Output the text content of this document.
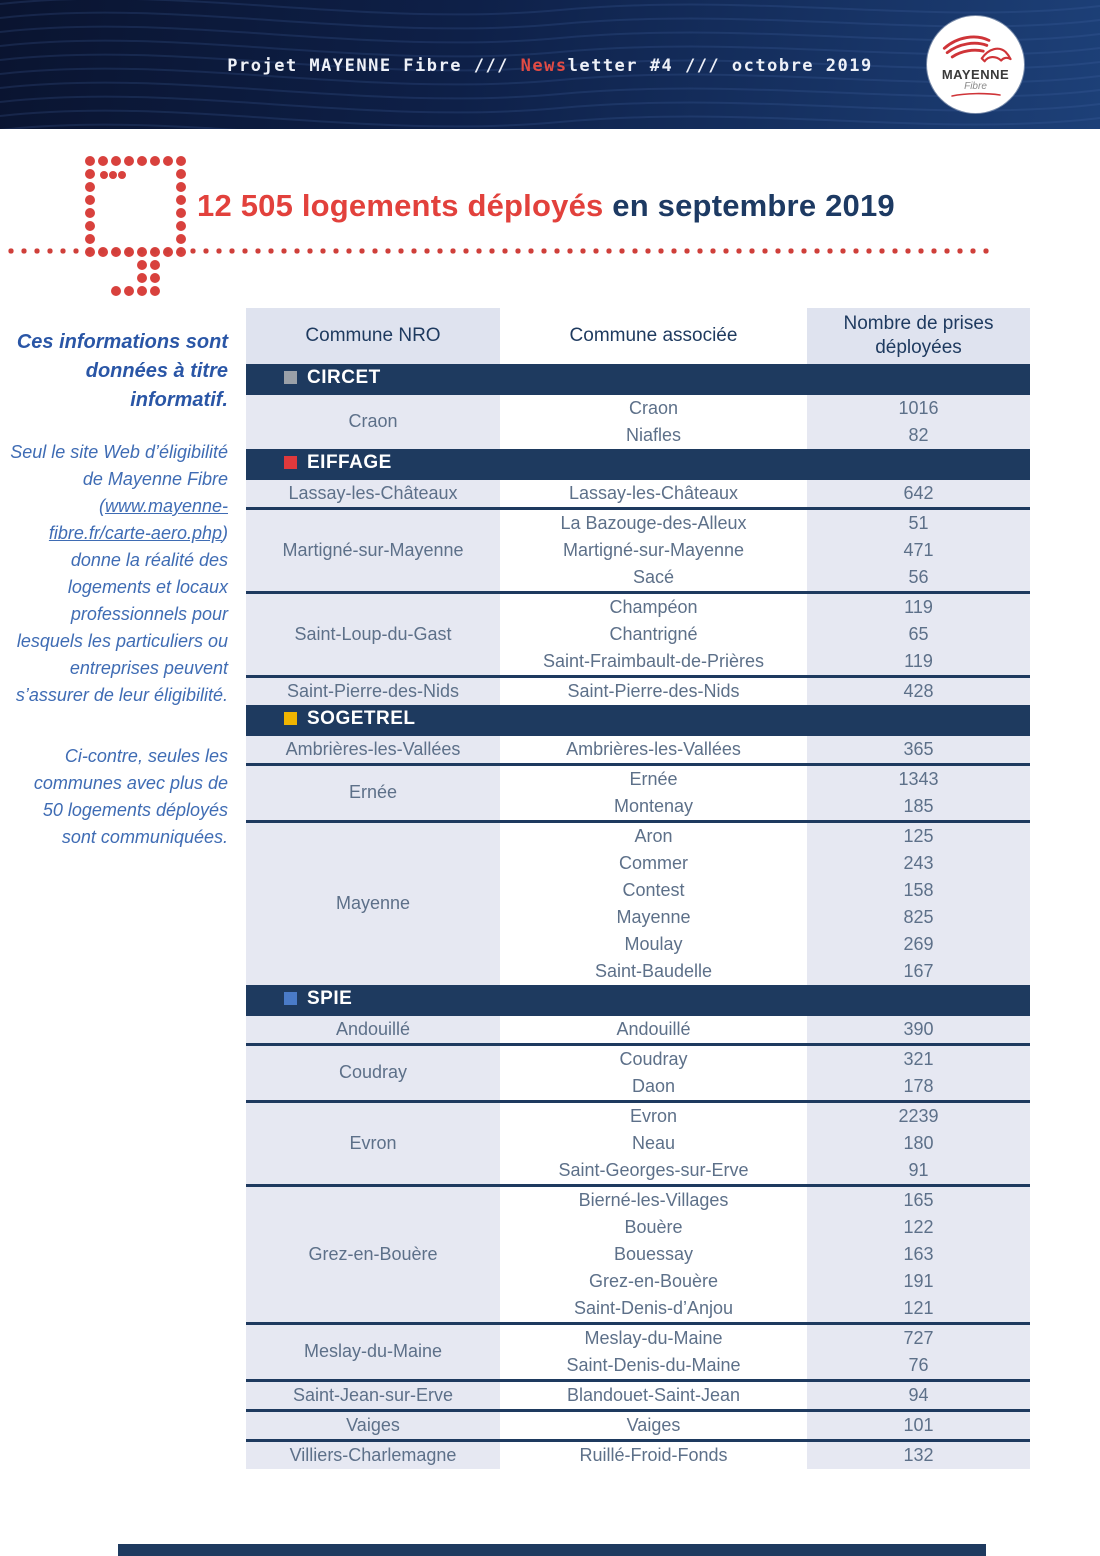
Projet MAYENNE Fibre /// Newsletter #4 /// octobre 2019	MAYENNE
Fibre
12 505 logements déployés en septembre 2019

Ces informations sont données à titre informatif.

Seul le site Web d’éligibilité de Mayenne Fibre (www.mayenne-fibre.fr/carte-aero.php) donne la réalité des logements et locaux professionnels pour lesquels les particuliers ou entreprises peuvent s’assurer de leur éligibilité.

Ci-contre, seules les communes avec plus de 50 logements déployés sont communiquées.

Commune NRO	Commune associée	Nombre de prises déployées
CIRCET		
Craon	Craon	1016
	Niafles	82
EIFFAGE		
Lassay-les-Châteaux	Lassay-les-Châteaux	642
Martigné-sur-Mayenne	La Bazouge-des-Alleux	51
	Martigné-sur-Mayenne	471
	Sacé	56
Saint-Loup-du-Gast	Champéon	119
	Chantrigné	65
	Saint-Fraimbault-de-Prières	119
Saint-Pierre-des-Nids	Saint-Pierre-des-Nids	428
SOGETREL		
Ambrières-les-Vallées	Ambrières-les-Vallées	365
Ernée	Ernée	1343
	Montenay	185
Mayenne	Aron	125
	Commer	243
	Contest	158
	Mayenne	825
	Moulay	269
	Saint-Baudelle	167
SPIE		
Andouillé	Andouillé	390
Coudray	Coudray	321
	Daon	178
Evron	Evron	2239
	Neau	180
	Saint-Georges-sur-Erve	91
Grez-en-Bouère	Bierné-les-Villages	165
	Bouère	122
	Bouessay	163
	Grez-en-Bouère	191
	Saint-Denis-d’Anjou	121
Meslay-du-Maine	Meslay-du-Maine	727
	Saint-Denis-du-Maine	76
Saint-Jean-sur-Erve	Blandouet-Saint-Jean	94
Vaiges	Vaiges	101
Villiers-Charlemagne	Ruillé-Froid-Fonds	132
